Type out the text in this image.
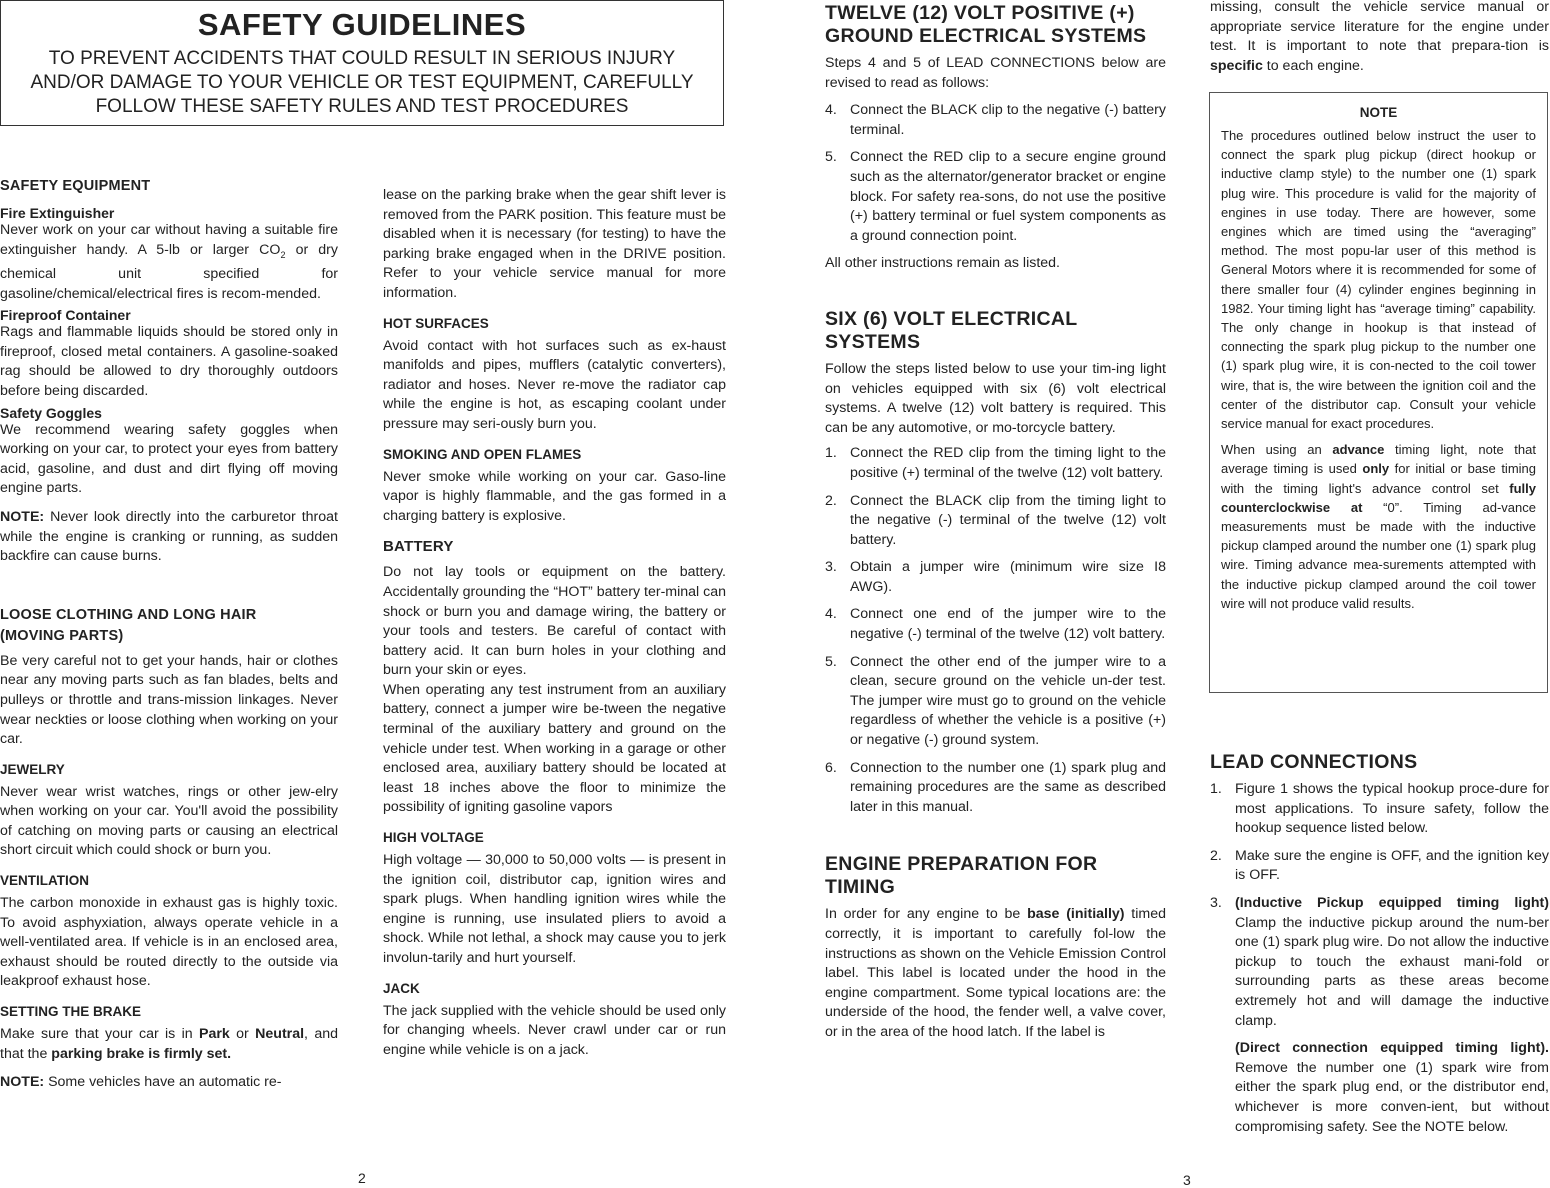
SAFETY GUIDELINES
TO PREVENT ACCIDENTS THAT COULD RESULT IN SERIOUS INJURY
AND/OR DAMAGE TO YOUR VEHICLE OR TEST EQUIPMENT, CAREFULLY
FOLLOW THESE SAFETY RULES AND TEST PROCEDURES
SAFETY EQUIPMENT
Fire Extinguisher

Never work on your car without having a suitable fire extinguisher handy. A 5-lb or larger $CO_2$ or dry chemical unit specified for gasoline/chemical/electrical fires is recom-mended.

Fireproof Container

Rags and flammable liquids should be stored only in fireproof, closed metal containers. A gasoline-soaked rag should be allowed to dry thoroughly outdoors before being discarded.

Safety Goggles

We recommend wearing safety goggles when working on your car, to protect your eyes from battery acid, gasoline, and dust and dirt flying off moving engine parts.

NOTE: Never look directly into the carburetor throat while the engine is cranking or running, as sudden backfire can cause burns.

LOOSE CLOTHING AND LONG HAIR
(MOVING PARTS)

Be very careful not to get your hands, hair or clothes near any moving parts such as fan blades, belts and pulleys or throttle and trans-mission linkages. Never wear neckties or loose clothing when working on your car.

JEWELRY

Never wear wrist watches, rings or other jew-elry when working on your car. You'll avoid the possibility of catching on moving parts or causing an electrical short circuit which could shock or burn you.

VENTILATION

The carbon monoxide in exhaust gas is highly toxic. To avoid asphyxiation, always operate vehicle in a well-ventilated area. If vehicle is in an enclosed area, exhaust should be routed directly to the outside via leakproof exhaust hose.

SETTING THE BRAKE

Make sure that your car is in Park or Neutral, and that the parking brake is firmly set.

NOTE: Some vehicles have an automatic re-

lease on the parking brake when the gear shift lever is removed from the PARK position. This feature must be disabled when it is necessary (for testing) to have the parking brake engaged when in the DRIVE position. Refer to your vehicle service manual for more information.

HOT SURFACES

Avoid contact with hot surfaces such as ex-haust manifolds and pipes, mufflers (catalytic converters), radiator and hoses. Never re-move the radiator cap while the engine is hot, as escaping coolant under pressure may seri-ously burn you.

SMOKING AND OPEN FLAMES

Never smoke while working on your car. Gaso-line vapor is highly flammable, and the gas formed in a charging battery is explosive.

BATTERY

Do not lay tools or equipment on the battery. Accidentally grounding the “HOT” battery ter-minal can shock or burn you and damage wiring, the battery or your tools and testers. Be careful of contact with battery acid. It can burn holes in your clothing and burn your skin or eyes.

When operating any test instrument from an auxiliary battery, connect a jumper wire be-tween the negative terminal of the auxiliary battery and ground on the vehicle under test. When working in a garage or other enclosed area, auxiliary battery should be located at least 18 inches above the floor to minimize the possibility of igniting gasoline vapors

HIGH VOLTAGE

High voltage — 30,000 to 50,000 volts — is present in the ignition coil, distributor cap, ignition wires and spark plugs. When handling ignition wires while the engine is running, use insulated pliers to avoid a shock. While not lethal, a shock may cause you to jerk involun-tarily and hurt yourself.

JACK

The jack supplied with the vehicle should be used only for changing wheels. Never crawl under car or run engine while vehicle is on a jack.

2
TWELVE (12) VOLT POSITIVE (+)
GROUND ELECTRICAL SYSTEMS

Steps 4 and 5 of LEAD CONNECTIONS below are revised to read as follows:

4. Connect the BLACK clip to the negative (-) battery terminal.
5. Connect the RED clip to a secure engine ground such as the alternator/generator bracket or engine block. For safety rea-sons, do not use the positive (+) battery terminal or fuel system components as a ground connection point.

All other instructions remain as listed.

SIX (6) VOLT ELECTRICAL
SYSTEMS

Follow the steps listed below to use your tim-ing light on vehicles equipped with six (6) volt electrical systems. A twelve (12) volt battery is required. This can be any automotive, or mo-torcycle battery.

1. Connect the RED clip from the timing light to the positive (+) terminal of the twelve (12) volt battery.
2. Connect the BLACK clip from the timing light to the negative (-) terminal of the twelve (12) volt battery.
3. Obtain a jumper wire (minimum wire size I8 AWG).
4. Connect one end of the jumper wire to the negative (-) terminal of the twelve (12) volt battery.
5. Connect the other end of the jumper wire to a clean, secure ground on the vehicle un-der test. The jumper wire must go to ground on the vehicle regardless of whether the vehicle is a positive (+) or negative (-) ground system.
6. Connection to the number one (1) spark plug and remaining procedures are the same as described later in this manual.
ENGINE PREPARATION FOR
TIMING

In order for any engine to be base (initially) timed correctly, it is important to carefully fol-low the instructions as shown on the Vehicle Emission Control label. This label is located under the hood in the engine compartment. Some typical locations are: the underside of the hood, the fender well, a valve cover, or in the area of the hood latch. If the label is

missing, consult the vehicle service manual or appropriate service literature for the engine under test. It is important to note that prepara-tion is specific to each engine.

NOTE

The procedures outlined below instruct the user to connect the spark plug pickup (direct hookup or inductive clamp style) to the number one (1) spark plug wire. This procedure is valid for the majority of engines in use today. There are however, some engines which are timed using the “averaging” method. The most popu-lar user of this method is General Motors where it is recommended for some of there smaller four (4) cylinder engines beginning in 1982. Your timing light has “average timing” capability. The only change in hookup is that instead of connecting the spark plug pickup to the number one (1) spark plug wire, it is con-nected to the coil tower wire, that is, the wire between the ignition coil and the center of the distributor cap. Consult your vehicle service manual for exact procedures.

When using an advance timing light, note that average timing is used only for initial or base timing with the timing light's advance control set fully counterclockwise at “0”. Timing ad-vance measurements must be made with the inductive pickup clamped around the number one (1) spark plug wire. Timing advance mea-surements attempted with the inductive pickup clamped around the coil tower wire will not produce valid results.

LEAD CONNECTIONS
1. Figure 1 shows the typical hookup proce-dure for most applications. To insure safety, follow the hookup sequence listed below.
2. Make sure the engine is OFF, and the ignition key is OFF.
3. (Inductive Pickup equipped timing light) Clamp the inductive pickup around the num-ber one (1) spark plug wire. Do not allow the inductive pickup to touch the exhaust mani-fold or surrounding parts as these areas become extremely hot and will damage the inductive clamp.
(Direct connection equipped timing light). Remove the number one (1) spark wire from either the spark plug end, or the distributor end, whichever is more conven-ient, but without compromising safety. See the NOTE below.
3
